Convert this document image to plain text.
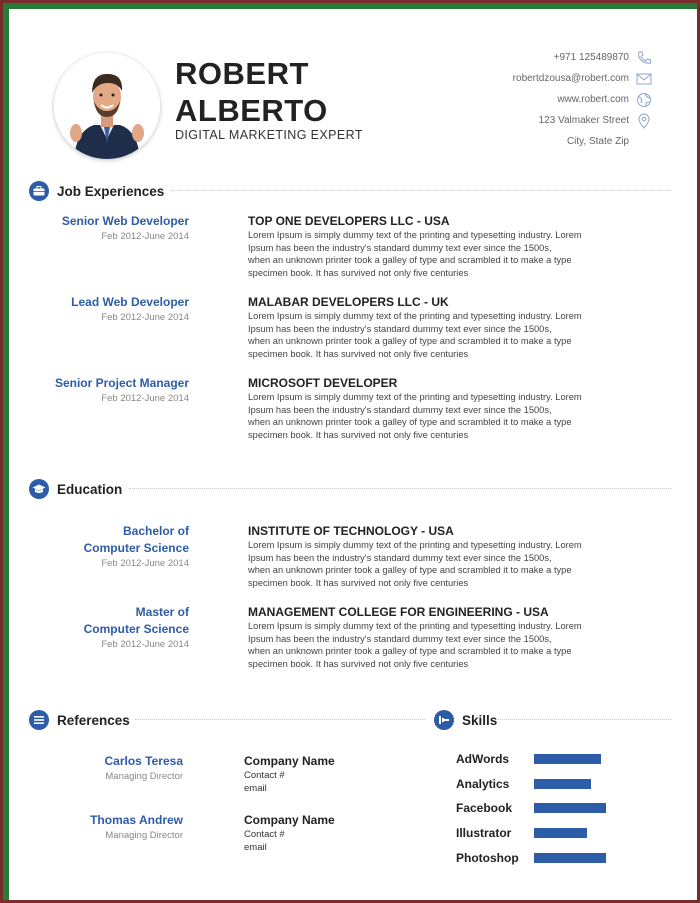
ROBERT
ALBERTO
DIGITAL MARKETING EXPERT
+971 125489870
robertdzousa@robert.com
www.robert.com
123 Valmaker Street
City, State Zip
Job Experiences
Senior Web Developer
Feb 2012-June 2014
TOP ONE DEVELOPERS LLC - USA
Lorem Ipsum is simply dummy text of the printing and typesetting industry. Lorem
Ipsum has been the industry's standard dummy text ever since the 1500s,
when an unknown printer took a galley of type and scrambled it to make a type
specimen book. It has survived not only five centuries
Lead Web Developer
Feb 2012-June 2014
MALABAR DEVELOPERS LLC - UK
Lorem Ipsum is simply dummy text of the printing and typesetting industry. Lorem
Ipsum has been the industry's standard dummy text ever since the 1500s,
when an unknown printer took a galley of type and scrambled it to make a type
specimen book. It has survived not only five centuries
Senior Project Manager
Feb 2012-June 2014
MICROSOFT DEVELOPER
Lorem Ipsum is simply dummy text of the printing and typesetting industry. Lorem
Ipsum has been the industry's standard dummy text ever since the 1500s,
when an unknown printer took a galley of type and scrambled it to make a type
specimen book. It has survived not only five centuries
Education
Bachelor of
Computer Science
Feb 2012-June 2014
INSTITUTE OF TECHNOLOGY - USA
Lorem Ipsum is simply dummy text of the printing and typesetting industry. Lorem
Ipsum has been the industry's standard dummy text ever since the 1500s,
when an unknown printer took a galley of type and scrambled it to make a type
specimen book. It has survived not only five centuries
Master of
Computer Science
Feb 2012-June 2014
MANAGEMENT COLLEGE FOR ENGINEERING - USA
Lorem Ipsum is simply dummy text of the printing and typesetting industry. Lorem
Ipsum has been the industry's standard dummy text ever since the 1500s,
when an unknown printer took a galley of type and scrambled it to make a type
specimen book. It has survived not only five centuries
References	Skills
Carlos Teresa
Managing Director
Company Name
Contact #
email
Thomas Andrew
Managing Director
Company Name
Contact #
email
AdWords
Analytics
Facebook
Illustrator
Photoshop
